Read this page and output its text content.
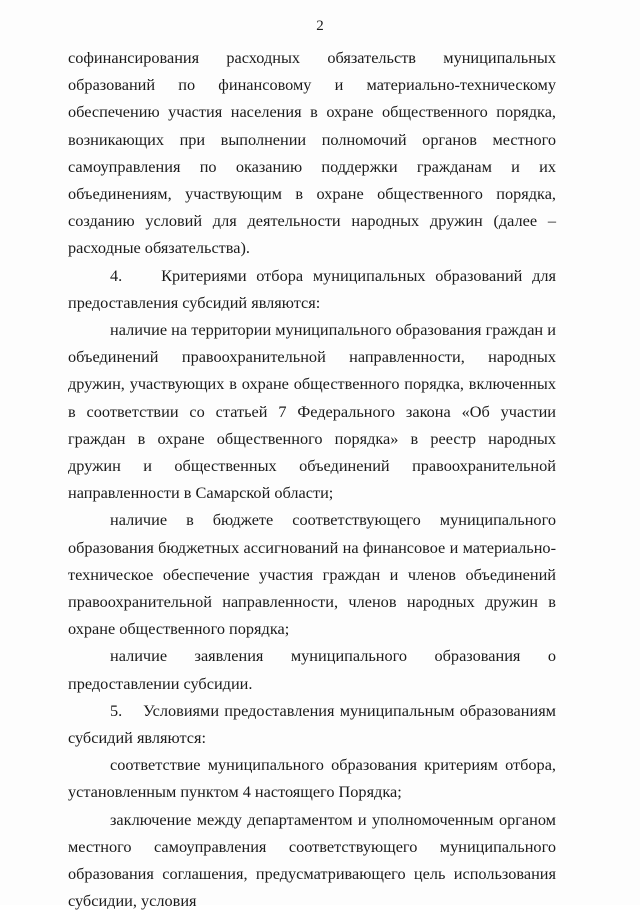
2

софинансирования расходных обязательств муниципальных образований по финансовому и материально-техническому обеспечению участия населения в охране общественного порядка, возникающих при выполнении полномочий органов местного самоуправления по оказанию поддержки гражданам и их объединениям, участвующим в охране общественного порядка, созданию условий для деятельности народных дружин (далее – расходные обязательства).

4.    Критериями отбора муниципальных образований для предоставления субсидий являются:

наличие на территории муниципального образования граждан и объединений правоохранительной направленности, народных дружин, участвующих в охране общественного порядка, включенных в соответствии со статьей 7 Федерального закона «Об участии граждан в охране общественного порядка» в реестр народных дружин и общественных объединений правоохранительной направленности в Самарской области;

наличие в бюджете соответствующего муниципального образования бюджетных ассигнований на финансовое и материально-техническое обеспечение участия граждан и членов объединений правоохранительной направленности, членов народных дружин в охране общественного порядка;

наличие заявления муниципального образования о предоставлении субсидии.

5.    Условиями предоставления муниципальным образованиям субсидий являются:

соответствие муниципального образования критериям отбора, установленным пунктом 4 настоящего Порядка;

заключение между департаментом и уполномоченным органом местного самоуправления соответствующего муниципального образования соглашения, предусматривающего цель использования субсидии, условия
